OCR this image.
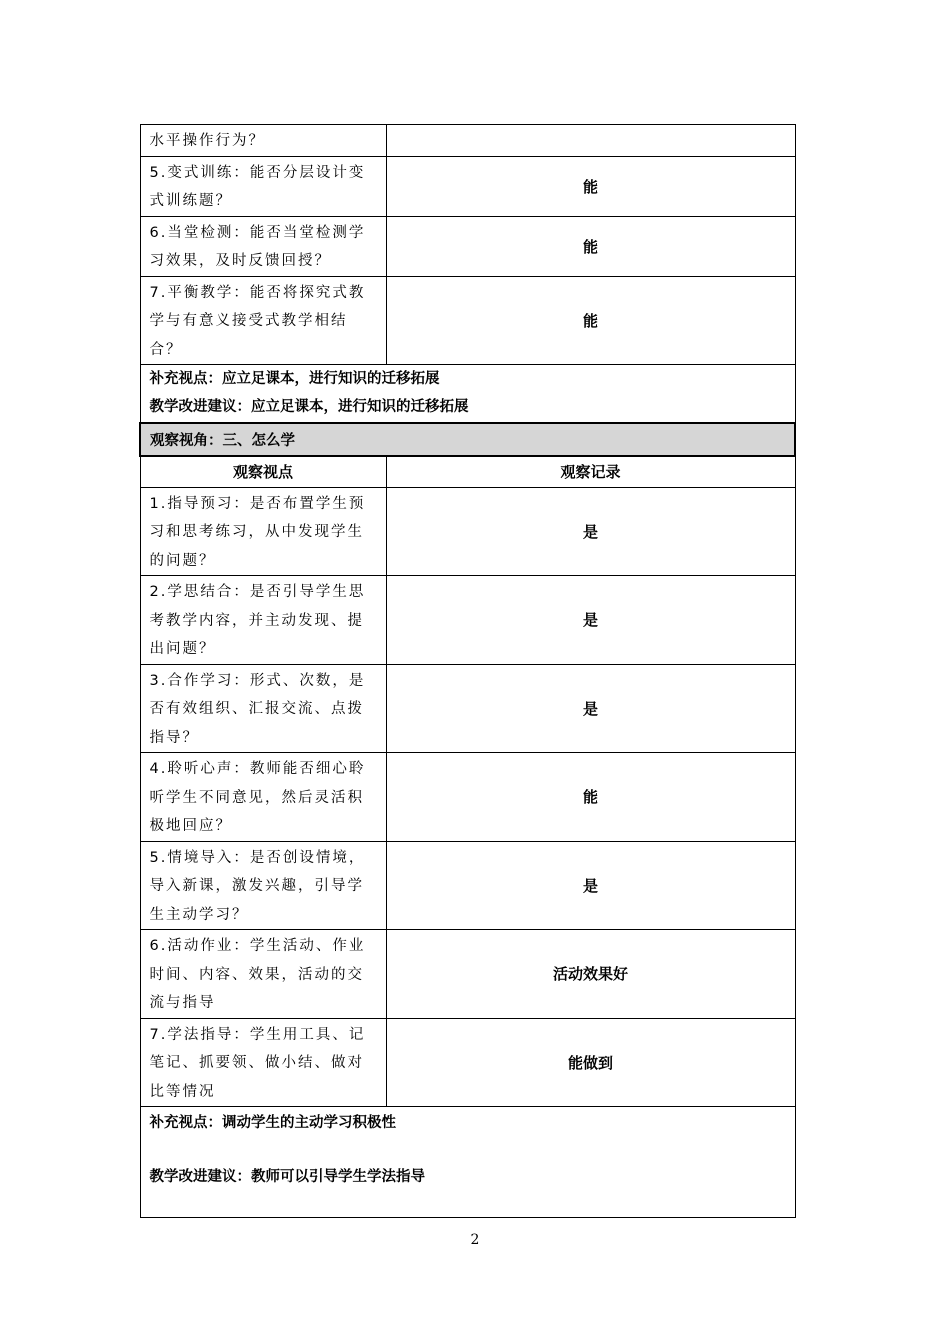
水平操作行为？	
5.变式训练：能否分层设计变式训练题？	能
6.当堂检测：能否当堂检测学习效果，及时反馈回授？	能
7.平衡教学：能否将探究式教学与有意义接受式教学相结合？	能

补充视点：应立足课本，进行知识的迁移拓展
教学改进建议：应立足课本，进行知识的迁移拓展	

观察视角：三、怎么学	
观察视点	观察记录
1.指导预习：是否布置学生预习和思考练习，从中发现学生的问题？	是
2.学思结合：是否引导学生思考教学内容，并主动发现、提出问题？	是
3.合作学习：形式、次数，是否有效组织、汇报交流、点拨指导？	是
4.聆听心声：教师能否细心聆听学生不同意见，然后灵活积极地回应？	能
5.情境导入：是否创设情境，导入新课，激发兴趣，引导学生主动学习？	是
6.活动作业：学生活动、作业时间、内容、效果，活动的交流与指导	活动效果好
7.学法指导：学生用工具、记笔记、抓要领、做小结、做对比等情况	能做到

补充视点：调动学生的主动学习积极性
教学改进建议：教师可以引导学生学法指导	
2
